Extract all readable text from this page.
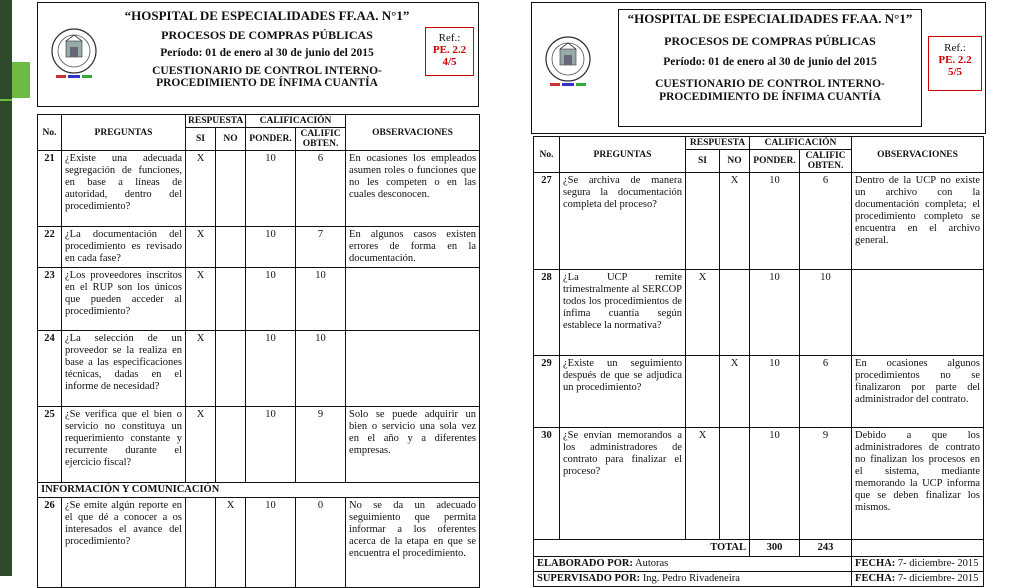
“HOSPITAL DE ESPECIALIDADES FF.AA. N°1”
PROCESOS DE COMPRAS PÚBLICAS
Período: 01 de enero al 30 de junio del 2015
CUESTIONARIO DE CONTROL INTERNO-
PROCEDIMIENTO DE ÍNFIMA CUANTÍA
Ref.:
PE. 2.2
4/5
No.	PREGUNTAS	RESPUESTA		CALIFICACIÓN		OBSERVACIONES
		SI	NO	PONDER.	CALIFIC OBTEN.	
21	¿Existe una adecuada segregación de funciones, en base a líneas de autoridad, dentro del procedimiento?	X		10	6	En ocasiones los empleados asumen roles o funciones que no les competen o en las cuales desconocen.
22	¿La documentación del procedimiento es revisado en cada fase?	X		10	7	En algunos casos existen errores de forma en la documentación.
23	¿Los proveedores inscritos en el RUP son los únicos que pueden acceder al procedimiento?	X		10	10	
24	¿La selección de un proveedor se la realiza en base a las especificaciones técnicas, dadas en el informe de necesidad?	X		10	10	
25	¿Se verifica que el bien o servicio no constituya un requerimiento constante y recurrente durante el ejercicio fiscal?	X		10	9	Solo se puede adquirir un bien o servicio una sola vez en el año y a diferentes empresas.
INFORMACIÓN Y COMUNICACIÓN						
26	¿Se emite algún reporte en el que dé a conocer a os interesados el avance del procedimiento?		X	10	0	No se da un adecuado seguimiento que permita informar a los oferentes acerca de la etapa en que se encuentra el procedimiento.
“HOSPITAL DE ESPECIALIDADES FF.AA. N°1”
PROCESOS DE COMPRAS PÚBLICAS
Período: 01 de enero al 30 de junio del 2015
CUESTIONARIO DE CONTROL INTERNO-
PROCEDIMIENTO DE ÍNFIMA CUANTÍA
Ref.:
PE. 2.2
5/5
No.	PREGUNTAS	RESPUESTA		CALIFICACIÓN		OBSERVACIONES
		SI	NO	PONDER.	CALIFIC OBTEN.	
27	¿Se archiva de manera segura la documentación completa del proceso?		X	10	6	Dentro de la UCP no existe un archivo con la documentación completa; el procedimiento completo se encuentra en el archivo general.
28	¿La UCP remite trimestralmente al SERCOP todos los procedimientos de ínfima cuantía según establece la normativa?	X		10	10	
29	¿Existe un seguimiento después de que se adjudica un procedimiento?		X	10	6	En ocasiones algunos procedimientos no se finalizaron por parte del administrador del contrato.
30	¿Se envían memorandos a los administradores de contrato para finalizar el proceso?	X		10	9	Debido a que los administradores de contrato no finalizan los procesos en el sistema, mediante memorando la UCP informa que se deben finalizar los mismos.
TOTAL				300	243	
ELABORADO POR: Autoras						FECHA: 7- diciembre- 2015
SUPERVISADO POR: Ing. Pedro Rivadeneira						FECHA: 7- diciembre- 2015
